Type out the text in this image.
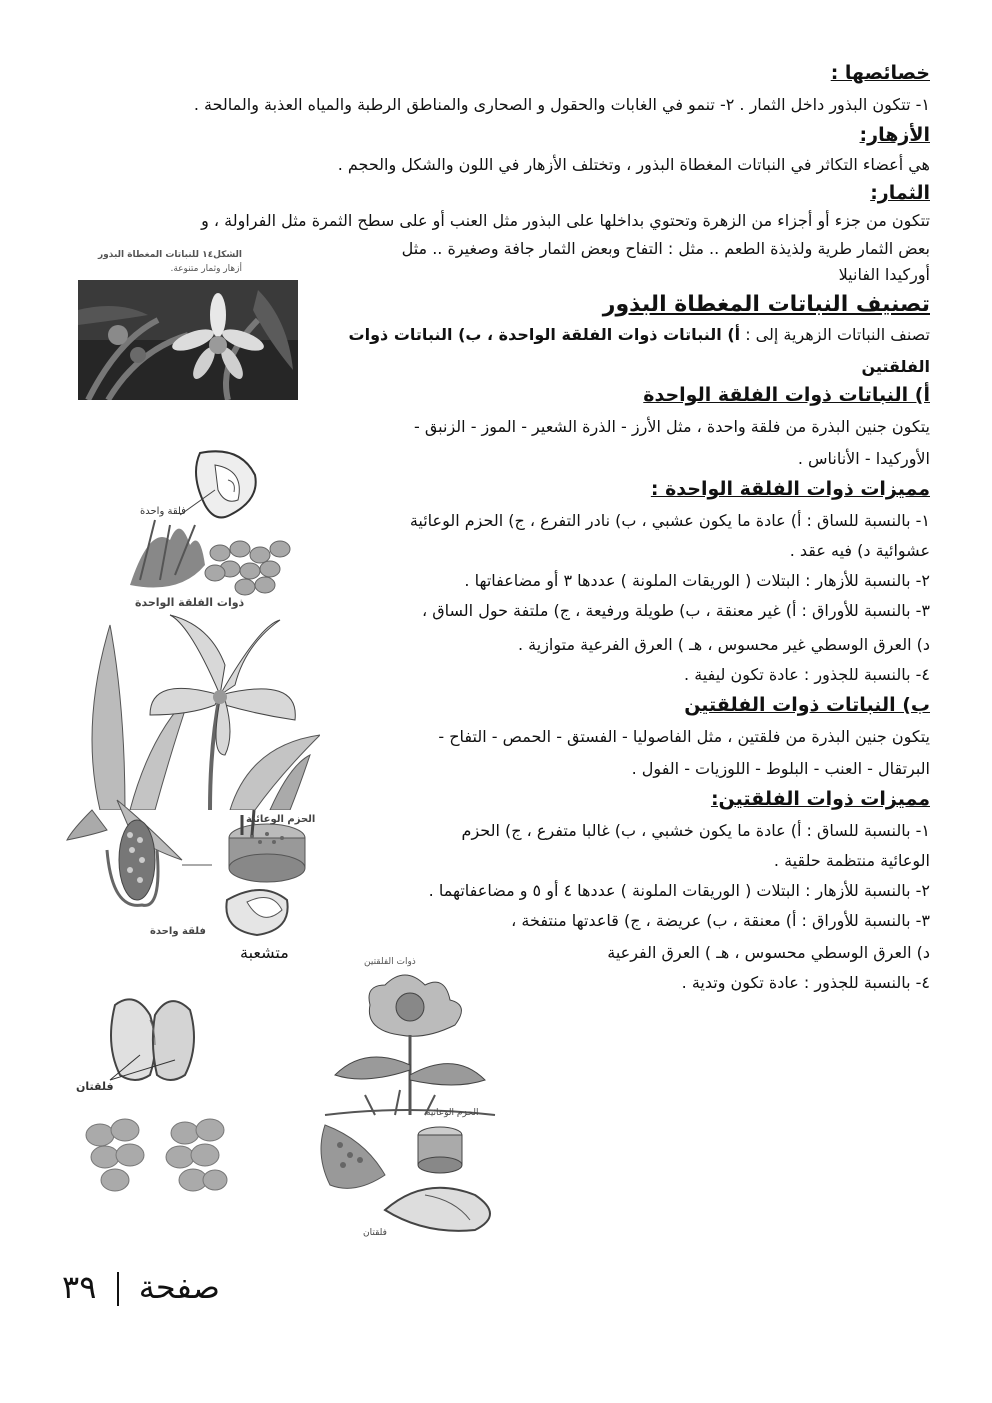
خصائصها :
١- تتكون البذور داخل الثمار . ٢- تنمو في الغابات والحقول و الصحارى والمناطق الرطبة والمياه العذبة والمالحة .
الأزهار:
هي أعضاء التكاثر في النباتات المغطاة البذور ، وتختلف الأزهار في اللون والشكل والحجم .
الثمار:
تتكون من جزء أو أجزاء من الزهرة وتحتوي بداخلها على البذور مثل العنب أو على سطح الثمرة مثل الفراولة ، و
بعض الثمار طرية ولذيذة الطعم .. مثل : التفاح وبعض الثمار جافة وصغيرة .. مثل
أوركيدا الفانيلا
تصنيف النباتات المغطاة البذور
تصنف النباتات الزهرية إلى : أ) النباتات ذوات الفلقة الواحدة ، ب) النباتات ذوات
الفلقتين
أ) النباتات ذوات الفلقة الواحدة
يتكون جنين البذرة من فلقة واحدة ، مثل الأرز - الذرة الشعير - الموز - الزنبق -
الأوركيدا - الأناناس .
مميزات ذوات الفلقة الواحدة :
١- بالنسبة للساق : أ) عادة ما يكون عشبي ، ب) نادر التفرع ، ج) الحزم الوعائية
عشوائية د) فيه عقد .
٢- بالنسبة للأزهار : البتلات ( الوريقات الملونة ) عددها ٣ أو مضاعفاتها .
٣- بالنسبة للأوراق : أ) غير معنقة ، ب) طويلة ورفيعة ، ج) ملتفة حول الساق ،
د) العرق الوسطي غير محسوس ، هـ ) العرق الفرعية متوازية .
٤- بالنسبة للجذور : عادة تكون ليفية .
ب) النباتات ذوات الفلقتين
يتكون جنين البذرة من فلقتين ، مثل الفاصوليا - الفستق - الحمص - التفاح -
البرتقال - العنب - البلوط - اللوزيات - الفول .
مميزات ذوات الفلقتين:
١- بالنسبة للساق : أ) عادة ما يكون خشبي ، ب) غالبا متفرع ، ج) الحزم
الوعائية منتظمة حلقية .
٢- بالنسبة للأزهار : البتلات ( الوريقات الملونة ) عددها ٤ أو ٥ و مضاعفاتهما .
٣- بالنسبة للأوراق : أ) معنقة ، ب) عريضة ، ج) قاعدتها منتفخة ،
د) العرق الوسطي محسوس ، هـ ) العرق الفرعية
متشعبة
٤- بالنسبة للجذور : عادة تكون وتدية .
الشكل١٤ للنباتات المغطاة البذور
أزهار وثمار متنوعة.
فلقة واحدة
ذوات الفلقة الواحدة
الحزم الوعائية
فلقة واحدة
فلقتان
ذوات الفلقتين
الحزم الوعائية
فلقتان
صفحة  ٣٩
